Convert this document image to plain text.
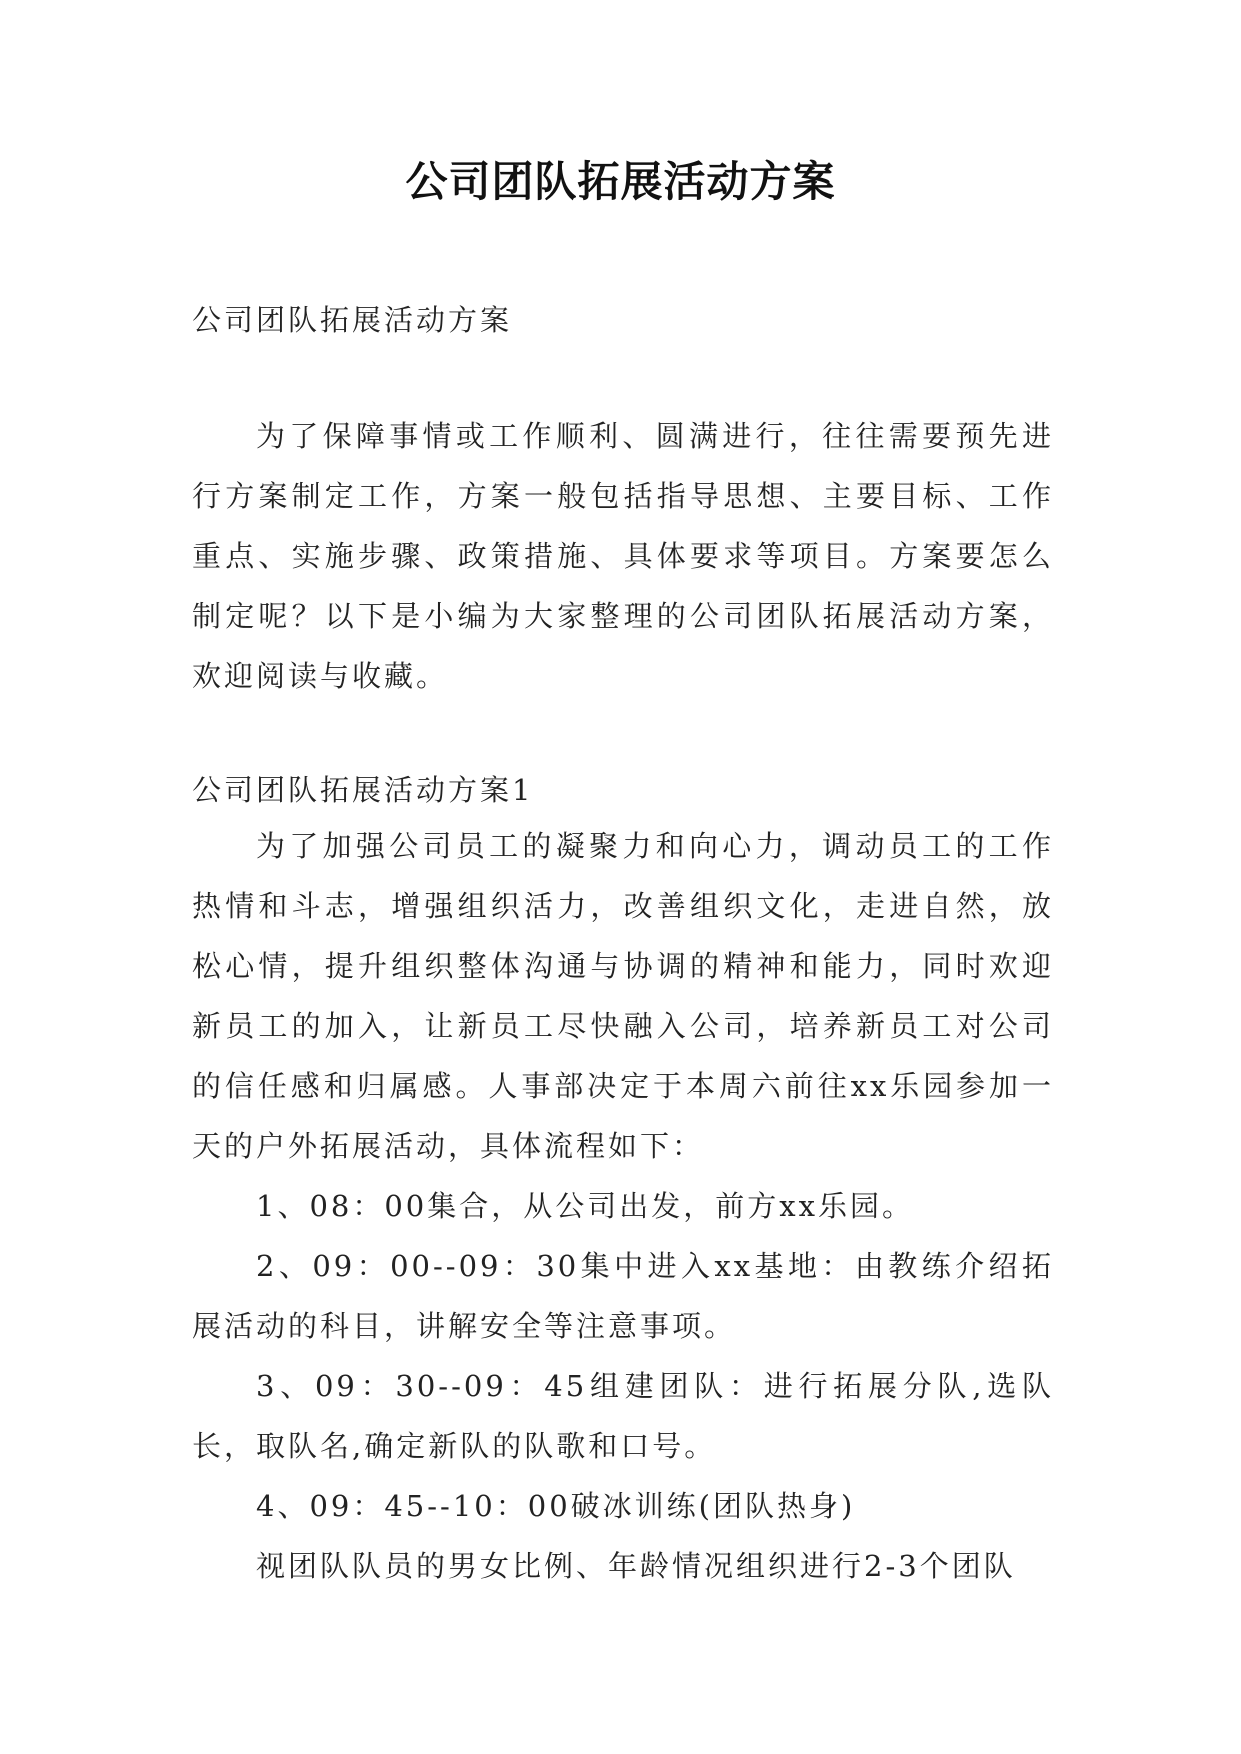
公司团队拓展活动方案
公司团队拓展活动方案

为了保障事情或工作顺利、圆满进行，往往需要预先进行方案制定工作，方案一般包括指导思想、主要目标、工作重点、实施步骤、政策措施、具体要求等项目。方案要怎么制定呢？以下是小编为大家整理的公司团队拓展活动方案，欢迎阅读与收藏。

公司团队拓展活动方案1

为了加强公司员工的凝聚力和向心力，调动员工的工作热情和斗志，增强组织活力，改善组织文化，走进自然，放松心情，提升组织整体沟通与协调的精神和能力，同时欢迎新员工的加入，让新员工尽快融入公司，培养新员工对公司的信任感和归属感。人事部决定于本周六前往xx乐园参加一天的户外拓展活动，具体流程如下：

1、08：00集合，从公司出发，前方xx乐园。

2、09：00--09：30集中进入xx基地：由教练介绍拓展活动的科目，讲解安全等注意事项。

3、09：30--09：45组建团队：进行拓展分队,选队长，取队名,确定新队的队歌和口号。

4、09：45--10：00破冰训练(团队热身)

视团队队员的男女比例、年龄情况组织进行2-3个团队
